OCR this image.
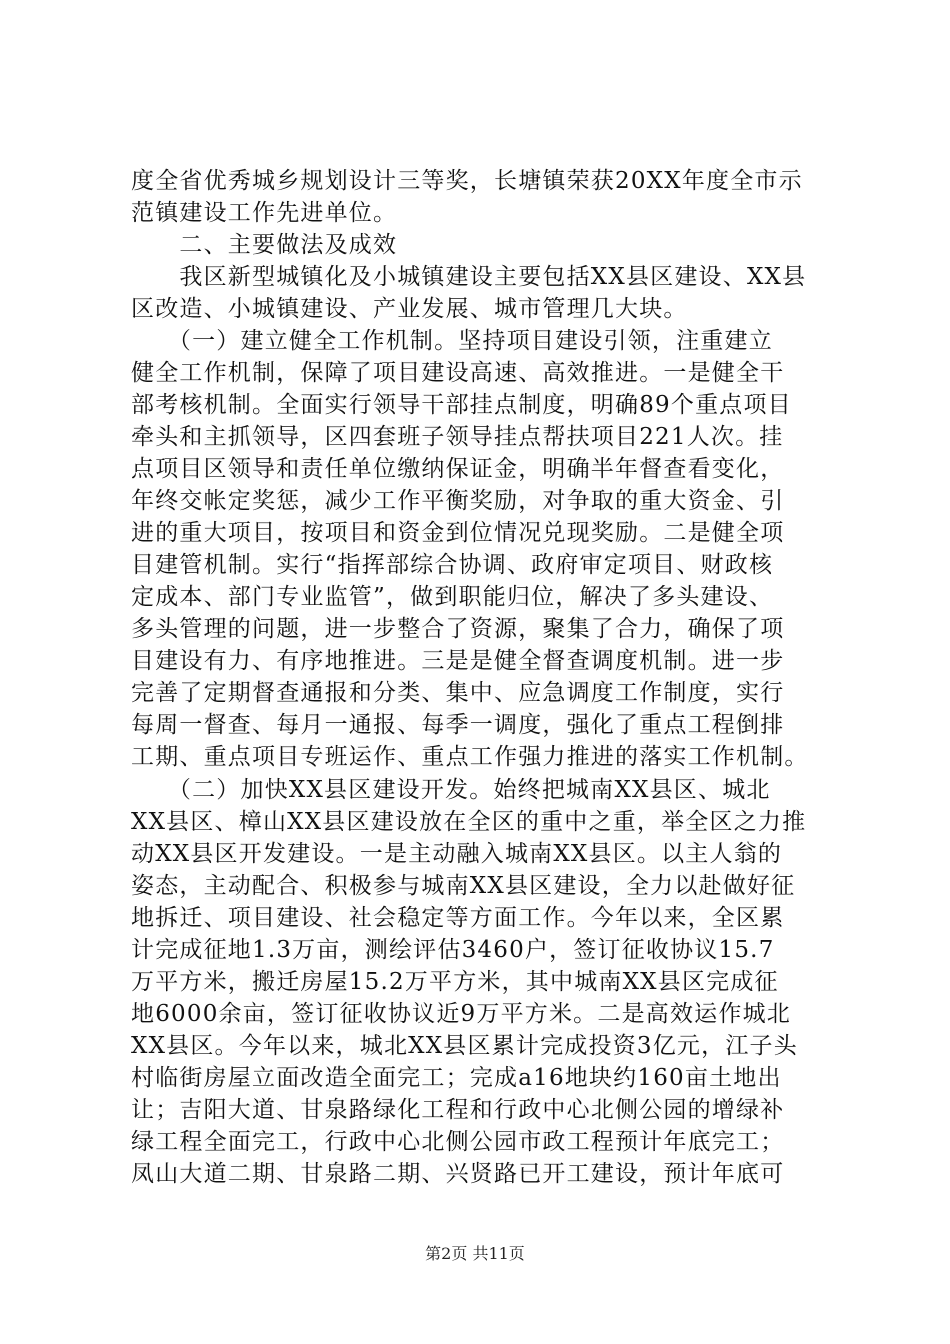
度全省优秀城乡规划设计三等奖，长塘镇荣获20XX年度全市示
范镇建设工作先进单位。
　　二、主要做法及成效
　　我区新型城镇化及小城镇建设主要包括XX县区建设、XX县
区改造、小城镇建设、产业发展、城市管理几大块。
　　（一）建立健全工作机制。坚持项目建设引领，注重建立
健全工作机制，保障了项目建设高速、高效推进。一是健全干
部考核机制。全面实行领导干部挂点制度，明确89个重点项目
牵头和主抓领导，区四套班子领导挂点帮扶项目221人次。挂
点项目区领导和责任单位缴纳保证金，明确半年督查看变化，
年终交帐定奖惩，减少工作平衡奖励，对争取的重大资金、引
进的重大项目，按项目和资金到位情况兑现奖励。二是健全项
目建管机制。实行“指挥部综合协调、政府审定项目、财政核
定成本、部门专业监管”，做到职能归位，解决了多头建设、
多头管理的问题，进一步整合了资源，聚集了合力，确保了项
目建设有力、有序地推进。三是是健全督查调度机制。进一步
完善了定期督查通报和分类、集中、应急调度工作制度，实行
每周一督查、每月一通报、每季一调度，强化了重点工程倒排
工期、重点项目专班运作、重点工作强力推进的落实工作机制。
　　（二）加快XX县区建设开发。始终把城南XX县区、城北
XX县区、樟山XX县区建设放在全区的重中之重，举全区之力推
动XX县区开发建设。一是主动融入城南XX县区。以主人翁的
姿态，主动配合、积极参与城南XX县区建设，全力以赴做好征
地拆迁、项目建设、社会稳定等方面工作。今年以来，全区累
计完成征地1.3万亩，测绘评估3460户，签订征收协议15.7
万平方米，搬迁房屋15.2万平方米，其中城南XX县区完成征
地6000余亩，签订征收协议近9万平方米。二是高效运作城北
XX县区。今年以来，城北XX县区累计完成投资3亿元，江子头
村临街房屋立面改造全面完工；完成a16地块约160亩土地出
让；吉阳大道、甘泉路绿化工程和行政中心北侧公园的增绿补
绿工程全面完工，行政中心北侧公园市政工程预计年底完工；
凤山大道二期、甘泉路二期、兴贤路已开工建设，预计年底可
第2页 共11页
